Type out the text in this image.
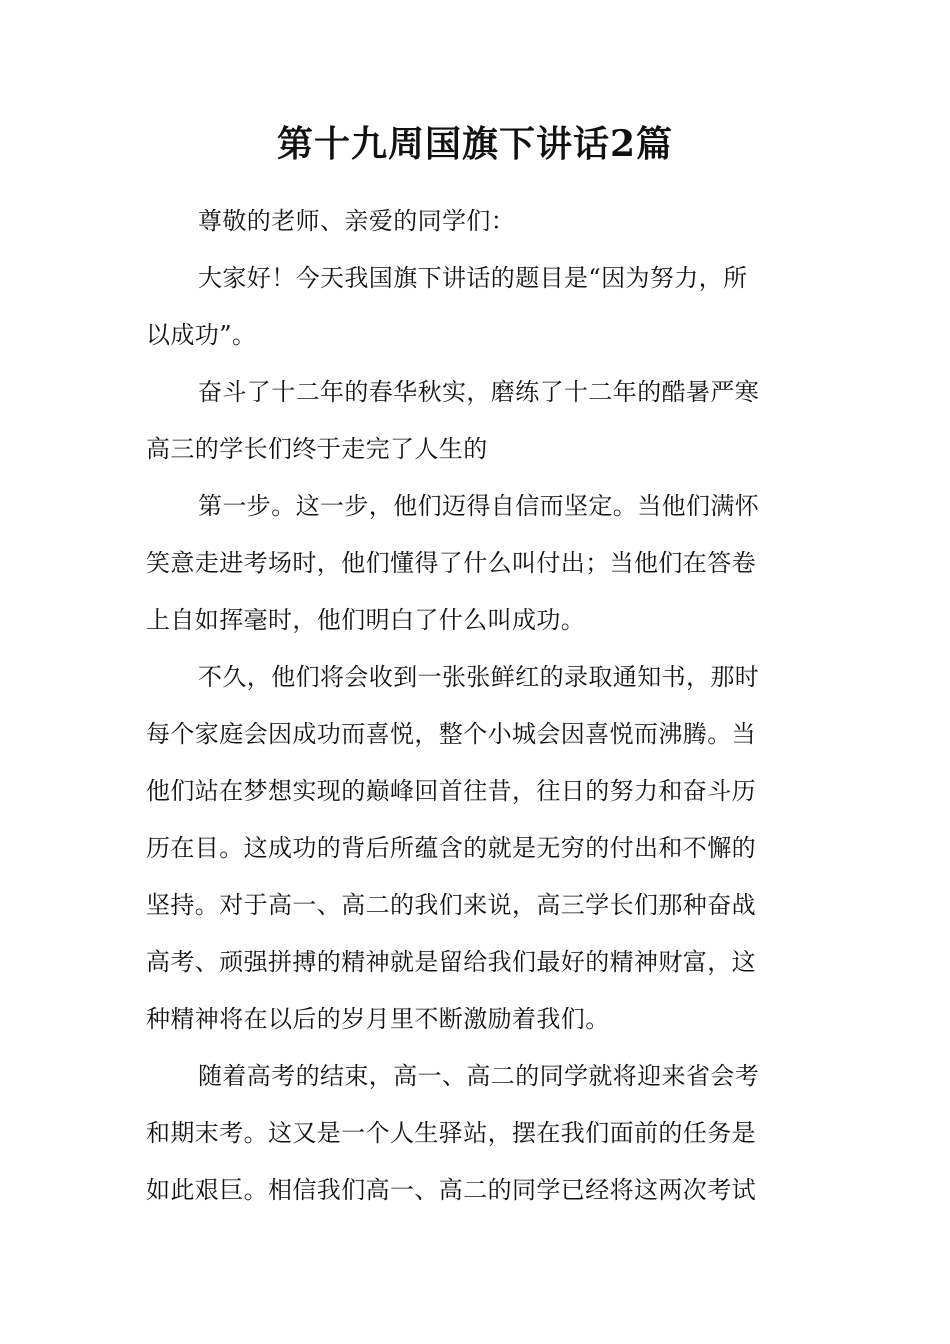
第十九周国旗下讲话2篇

尊敬的老师、亲爱的同学们：

大家好！今天我国旗下讲话的题目是“因为努力，所
以成功”。

奋斗了十二年的春华秋实，磨练了十二年的酷暑严寒
高三的学长们终于走完了人生的

第一步。这一步，他们迈得自信而坚定。当他们满怀
笑意走进考场时，他们懂得了什么叫付出；当他们在答卷
上自如挥毫时，他们明白了什么叫成功。

不久，他们将会收到一张张鲜红的录取通知书，那时
每个家庭会因成功而喜悦，整个小城会因喜悦而沸腾。当
他们站在梦想实现的巅峰回首往昔，往日的努力和奋斗历
历在目。这成功的背后所蕴含的就是无穷的付出和不懈的
坚持。对于高一、高二的我们来说，高三学长们那种奋战
高考、顽强拼搏的精神就是留给我们最好的精神财富，这
种精神将在以后的岁月里不断激励着我们。

随着高考的结束，高一、高二的同学就将迎来省会考
和期末考。这又是一个人生驿站，摆在我们面前的任务是
如此艰巨。相信我们高一、高二的同学已经将这两次考试
